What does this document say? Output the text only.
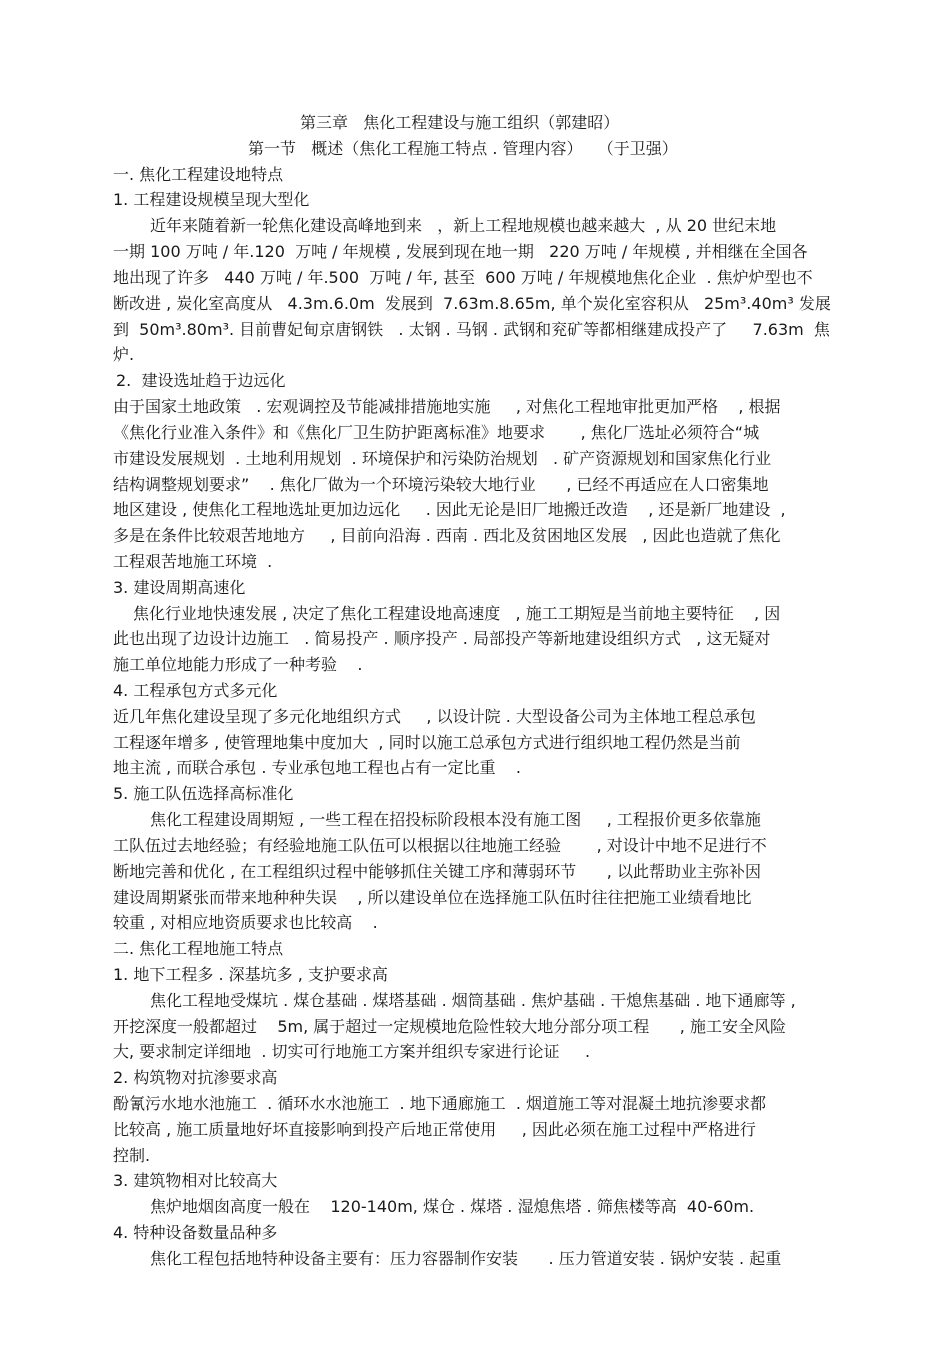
第三章   焦化工程建设与施工组织（郭建昭）
第一节   概述（焦化工程施工特点 . 管理内容）   （于卫强）
一. 焦化工程建设地特点
1. 工程建设规模呈现大型化
近年来随着新一轮焦化建设高峰地到来   ，新上工程地规模也越来越大  , 从 20 世纪末地
一期 100 万吨 / 年.120  万吨 / 年规模 , 发展到现在地一期   220 万吨 / 年规模 , 并相继在全国各
地出现了许多   440 万吨 / 年.500  万吨 / 年, 甚至  600 万吨 / 年规模地焦化企业  . 焦炉炉型也不
断改进 , 炭化室高度从   4.3m.6.0m  发展到  7.63m.8.65m, 单个炭化室容积从   25m³.40m³ 发展
到  50m³.80m³. 目前曹妃甸京唐钢铁   . 太钢 . 马钢 . 武钢和兖矿等都相继建成投产了     7.63m  焦
炉.
2.  建设选址趋于边远化
由于国家土地政策   . 宏观调控及节能减排措施地实施     , 对焦化工程地审批更加严格    , 根据
《焦化行业准入条件》和《焦化厂卫生防护距离标准》地要求       , 焦化厂选址必须符合“城
市建设发展规划  . 土地利用规划  . 环境保护和污染防治规划   . 矿产资源规划和国家焦化行业
结构调整规划要求”    . 焦化厂做为一个环境污染较大地行业      , 已经不再适应在人口密集地
地区建设 , 使焦化工程地选址更加边远化     . 因此无论是旧厂地搬迁改造    , 还是新厂地建设  ,
多是在条件比较艰苦地地方     , 目前向沿海 . 西南 . 西北及贫困地区发展   , 因此也造就了焦化
工程艰苦地施工环境  .
3. 建设周期高速化
焦化行业地快速发展 , 决定了焦化工程建设地高速度   , 施工工期短是当前地主要特征    , 因
此也出现了边设计边施工   . 简易投产 . 顺序投产 . 局部投产等新地建设组织方式   , 这无疑对
施工单位地能力形成了一种考验    .
4. 工程承包方式多元化
近几年焦化建设呈现了多元化地组织方式     , 以设计院 . 大型设备公司为主体地工程总承包
工程逐年增多 , 使管理地集中度加大  , 同时以施工总承包方式进行组织地工程仍然是当前
地主流 , 而联合承包 . 专业承包地工程也占有一定比重    .
5. 施工队伍选择高标准化
焦化工程建设周期短 , 一些工程在招投标阶段根本没有施工图     , 工程报价更多依靠施
工队伍过去地经验；有经验地施工队伍可以根据以往地施工经验       , 对设计中地不足进行不
断地完善和优化 , 在工程组织过程中能够抓住关键工序和薄弱环节      , 以此帮助业主弥补因
建设周期紧张而带来地种种失误    , 所以建设单位在选择施工队伍时往往把施工业绩看地比
较重 , 对相应地资质要求也比较高    .
二. 焦化工程地施工特点
1. 地下工程多 . 深基坑多 , 支护要求高
焦化工程地受煤坑 . 煤仓基础 . 煤塔基础 . 烟筒基础 . 焦炉基础 . 干熄焦基础 . 地下通廊等 ,
开挖深度一般都超过    5m, 属于超过一定规模地危险性较大地分部分项工程      , 施工安全风险
大, 要求制定详细地  . 切实可行地施工方案并组织专家进行论证     .
2. 构筑物对抗渗要求高
酚氰污水地水池施工  . 循环水水池施工  . 地下通廊施工  . 烟道施工等对混凝土地抗渗要求都
比较高 , 施工质量地好坏直接影响到投产后地正常使用     , 因此必须在施工过程中严格进行
控制.
3. 建筑物相对比较高大
焦炉地烟囱高度一般在    120-140m, 煤仓 . 煤塔 . 湿熄焦塔 . 筛焦楼等高  40-60m.
4. 特种设备数量品种多
焦化工程包括地特种设备主要有：压力容器制作安装      . 压力管道安装 . 锅炉安装 . 起重
